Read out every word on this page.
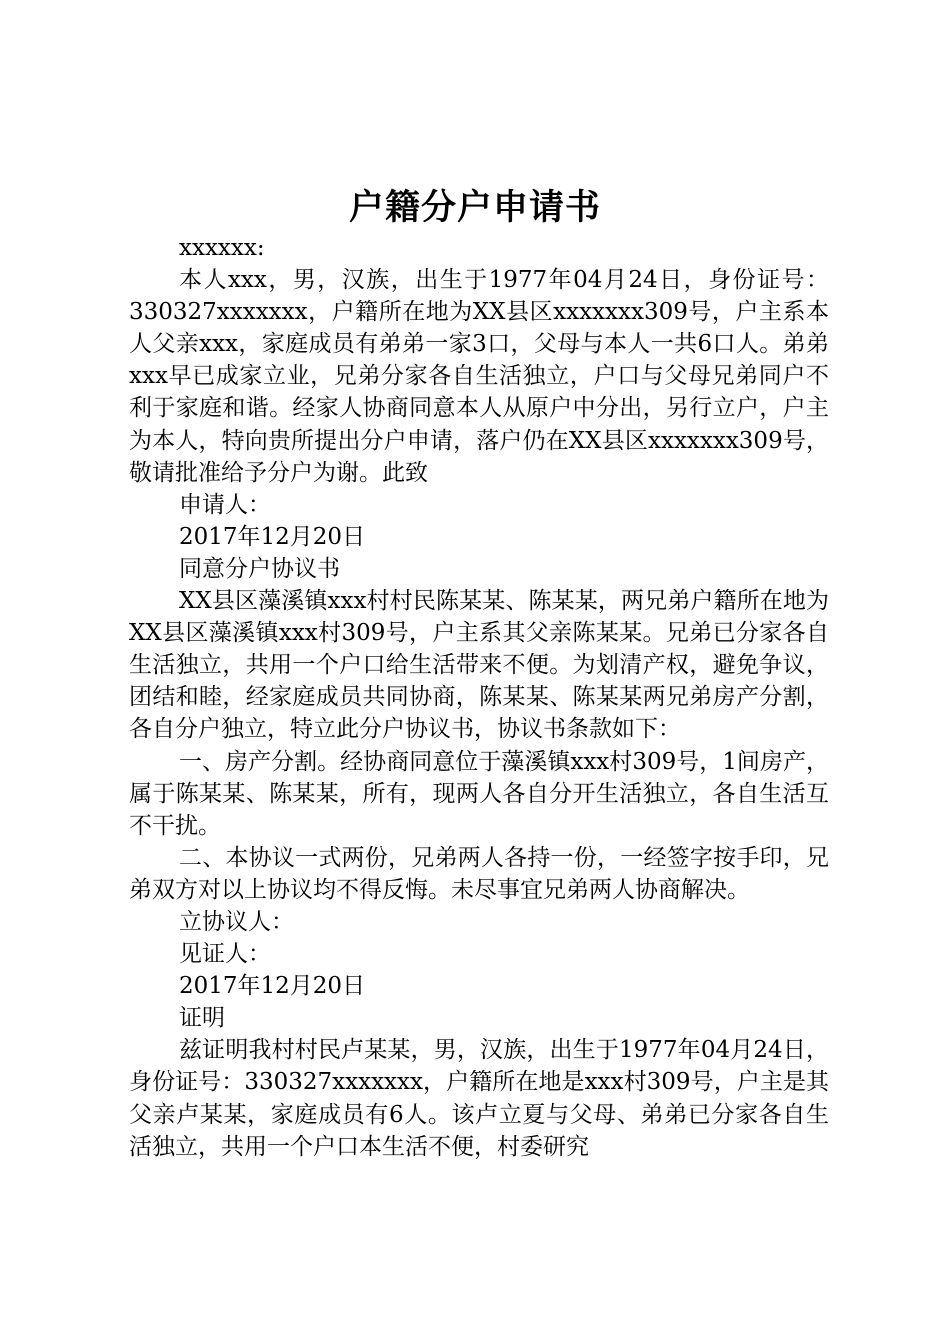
户籍分户申请书

xxxxxx:

本人xxx，男，汉族，出生于1977年04月24日，身份证号：330327xxxxxxx，户籍所在地为XX县区xxxxxxx309号，户主系本人父亲xxx，家庭成员有弟弟一家3口，父母与本人一共6口人。弟弟xxx早已成家立业，兄弟分家各自生活独立，户口与父母兄弟同户不利于家庭和谐。经家人协商同意本人从原户中分出，另行立户，户主为本人，特向贵所提出分户申请，落户仍在XX县区xxxxxxx309号，敬请批准给予分户为谢。此致

申请人：

2017年12月20日

同意分户协议书

XX县区藻溪镇xxx村村民陈某某、陈某某，两兄弟户籍所在地为XX县区藻溪镇xxx村309号，户主系其父亲陈某某。兄弟已分家各自生活独立，共用一个户口给生活带来不便。为划清产权，避免争议，团结和睦，经家庭成员共同协商，陈某某、陈某某两兄弟房产分割，各自分户独立，特立此分户协议书，协议书条款如下：

一、房产分割。经协商同意位于藻溪镇xxx村309号，1间房产，属于陈某某、陈某某，所有，现两人各自分开生活独立，各自生活互不干扰。

二、本协议一式两份，兄弟两人各持一份，一经签字按手印，兄弟双方对以上协议均不得反悔。未尽事宜兄弟两人协商解决。

立协议人：

见证人：

2017年12月20日

证明

兹证明我村村民卢某某，男，汉族，出生于1977年04月24日，身份证号：330327xxxxxxx，户籍所在地是xxx村309号，户主是其父亲卢某某，家庭成员有6人。该卢立夏与父母、弟弟已分家各自生活独立，共用一个户口本生活不便，村委研究
